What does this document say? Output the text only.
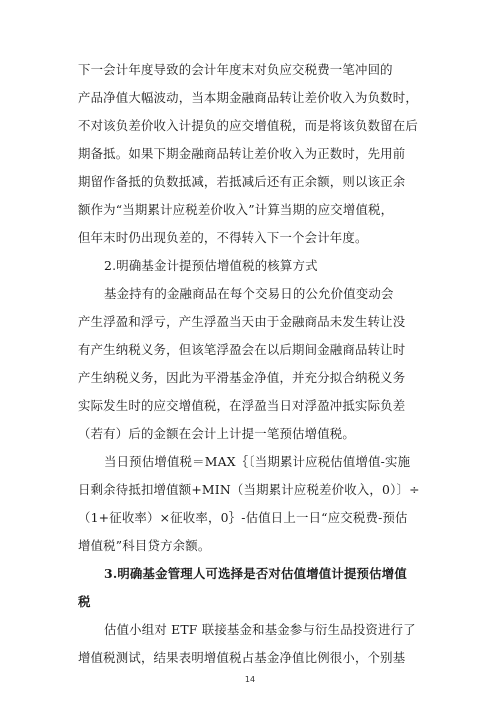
下一会计年度导致的会计年度末对负应交税费一笔冲回的
产品净值大幅波动，当本期金融商品转让差价收入为负数时，
不对该负差价收入计提负的应交增值税，而是将该负数留在后
期备抵。如果下期金融商品转让差价收入为正数时，先用前
期留作备抵的负数抵减，若抵减后还有正余额，则以该正余
额作为“当期累计应税差价收入”计算当期的应交增值税，
但年末时仍出现负差的，不得转入下一个会计年度。
2.明确基金计提预估增值税的核算方式
基金持有的金融商品在每个交易日的公允价值变动会
产生浮盈和浮亏，产生浮盈当天由于金融商品未发生转让没
有产生纳税义务，但该笔浮盈会在以后期间金融商品转让时
产生纳税义务，因此为平滑基金净值，并充分拟合纳税义务
实际发生时的应交增值税，在浮盈当日对浮盈冲抵实际负差
（若有）后的金额在会计上计提一笔预估增值税。
当日预估增值税＝MAX｛〔当期累计应税估值增值-实施
日剩余待抵扣增值额+MIN（当期累计应税差价收入，0）〕÷
（1+征收率）×征收率，0｝-估值日上一日“应交税费-预估
增值税”科目贷方余额。
3.明确基金管理人可选择是否对估值增值计提预估增值
税
估值小组对 ETF 联接基金和基金参与衍生品投资进行了
增值税测试，结果表明增值税占基金净值比例很小，个别基
14
